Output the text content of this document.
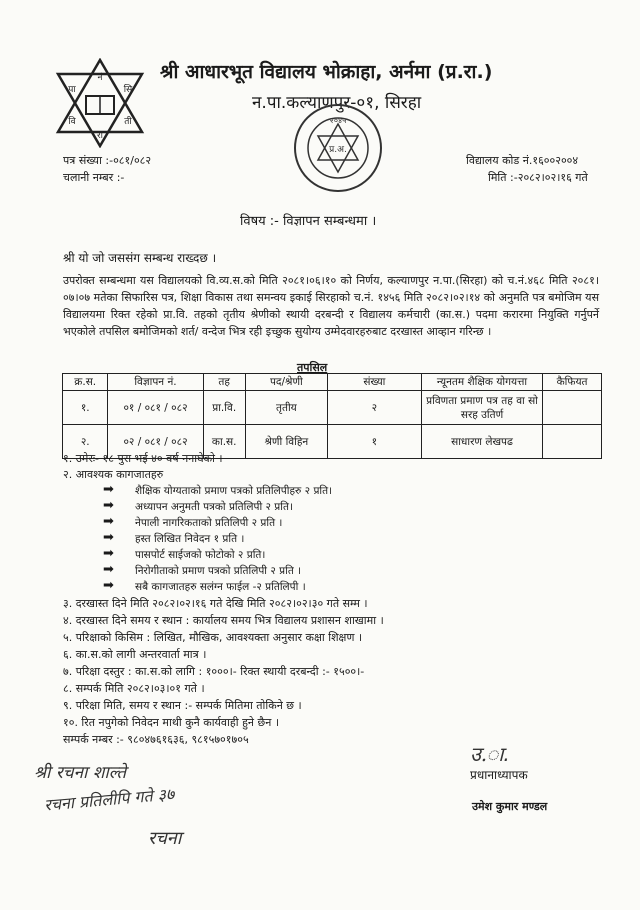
नं
पा	सि
वि	ती
रा
श्री आधारभूत विद्यालय भोक्राहा, अर्नमा (प्र.रा.)
न.पा.कल्याणपुर-०१, सिरहा
२०४५
प्र.अ.
पत्र संख्या :-०८१/०८२
चलानी नम्बर :-
विद्यालय कोड नं.१६००२००४
मिति :-२०८२।०२।१६ गते
विषय :- विज्ञापन सम्बन्धमा ।
श्री यो जो जससंग सम्बन्ध राख्दछ ।
उपरोक्त सम्बन्धमा यस विद्यालयको वि.व्य.स.को मिति २०८१।०६।१० को निर्णय, कल्याणपुर न.पा.(सिरहा) को च.नं.४६८ मिति २०८१।०७।०७ मतेका सिफारिस पत्र, शिक्षा विकास तथा समन्वय इकाई सिरहाको च.नं. १४५६ मिति २०८२।०२।१४ को अनुमति पत्र बमोजिम यस विद्यालयमा रिक्त रहेको प्रा.वि. तहको तृतीय श्रेणीको स्थायी दरबन्दी र विद्यालय कर्मचारी (का.स.) पदमा करारमा नियुक्ति गर्नुपर्ने भएकोले तपसिल बमोजिमको शर्त/ वन्देज भित्र रही इच्छुक सुयोग्य उम्मेदवारहरुबाट दरखास्त आव्हान गरिन्छ ।
तपसिल
क्र.स.	विज्ञापन नं.	तह	पद/श्रेणी	संख्या	न्यूनतम शैक्षिक योगयत्ता	कैफियत
१.	०१ / ०८१ / ०८२	प्रा.वि.	तृतीय	२	प्रविणता प्रमाण पत्र तह वा सो सरह उतिर्ण	
२.	०२ / ०८१ / ०८२	का.स.	श्रेणी विहिन	१	साधारण लेखपढ	
१. उमेरः- १८ पुरा भई ४० वर्ष ननाघेको ।
२. आवश्यक कागजातहरु
➡ शैक्षिक योग्यताको प्रमाण पत्रको प्रतिलिपीहरु २ प्रति।
➡ अध्यापन अनुमती पत्रको प्रतिलिपी २ प्रति।
➡ नेपाली नागरिकताको प्रतिलिपी २ प्रति ।
➡ हस्त लिखित निवेदन १ प्रति ।
➡ पासपोर्ट साईजको फोटोको २ प्रति।
➡ निरोगीताको प्रमाण पत्रको प्रतिलिपी २ प्रति ।
➡ सबै कागजातहरु सलंग्न फाईल -२ प्रतिलिपी ।
३. दरखास्त दिने मिति २०८२।०२।१६ गते देखि मिति २०८२।०२।३० गते सम्म ।
४. दरखास्त दिने समय र स्थान : कार्यालय समय भित्र विद्यालय प्रशासन शाखामा ।
५. परिक्षाको किसिम : लिखित, मौखिक, आवश्यक्ता अनुसार कक्षा शिक्षण ।
६. का.स.को लागी अन्तरवार्ता मात्र ।
७. परिक्षा दस्तुर : का.स.को लागि : १०००।- रिक्त स्थायी दरबन्दी :- १५००।-
८. सम्पर्क मिति २०८२।०३।०१ गते ।
९. परिक्षा मिति, समय र स्थान :- सम्पर्क मितिमा तोकिने छ ।
१०. रित नपुगेको निवेदन माथी कुनै कार्यवाही हुने छैन ।
सम्पर्क नम्बर :- ९८०४७६१६३६, ९८१५७०१७०५
श्री रचना शाल्ते
रचना प्रतिलीपि गते ३७
रचना
उ.ा.
प्रधानाध्यापक
उमेश कुमार मण्डल
